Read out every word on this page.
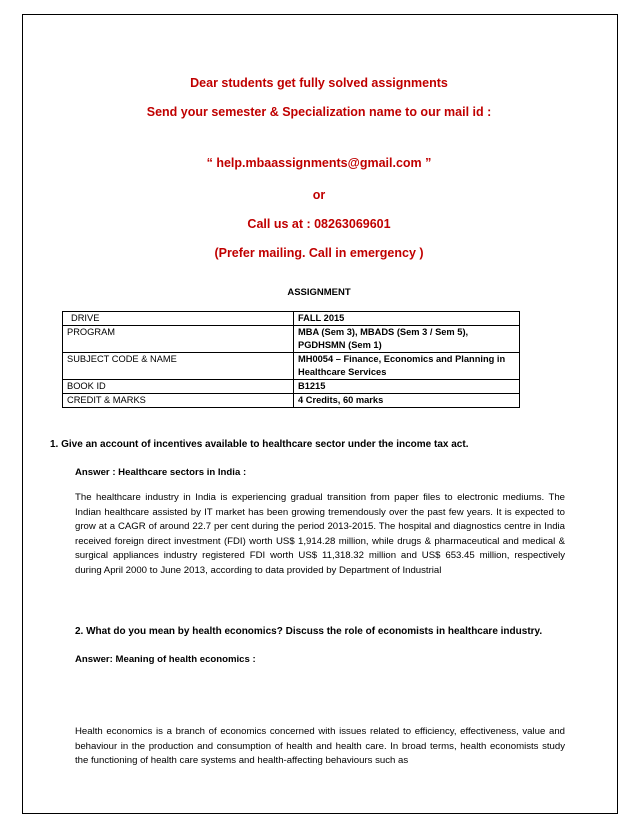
Dear students get fully solved assignments
Send your semester & Specialization name to our mail id :
“ help.mbaassignments@gmail.com ”
or
Call us at : 08263069601
(Prefer mailing. Call in emergency )
ASSIGNMENT
DRIVE	FALL 2015
PROGRAM	MBA (Sem 3), MBADS (Sem 3 / Sem 5), PGDHSMN (Sem 1)
SUBJECT CODE & NAME	MH0054 – Finance, Economics and Planning in Healthcare Services
BOOK ID	B1215
CREDIT & MARKS	4 Credits, 60 marks
1. Give an account of incentives available to healthcare sector under the income tax act.
Answer : Healthcare sectors in India :
The healthcare industry in India is experiencing gradual transition from paper files to electronic mediums. The Indian healthcare assisted by IT market has been growing tremendously over the past few years. It is expected to grow at a CAGR of around 22.7 per cent during the period 2013-2015. The hospital and diagnostics centre in India received foreign direct investment (FDI) worth US$ 1,914.28 million, while drugs & pharmaceutical and medical & surgical appliances industry registered FDI worth US$ 11,318.32 million and US$ 653.45 million, respectively during April 2000 to June 2013, according to data provided by Department of Industrial
2. What do you mean by health economics? Discuss the role of economists in healthcare industry.
Answer: Meaning of health economics :
Health economics is a branch of economics concerned with issues related to efficiency, effectiveness, value and behaviour in the production and consumption of health and health care. In broad terms, health economists study the functioning of health care systems and health-affecting behaviours such as
